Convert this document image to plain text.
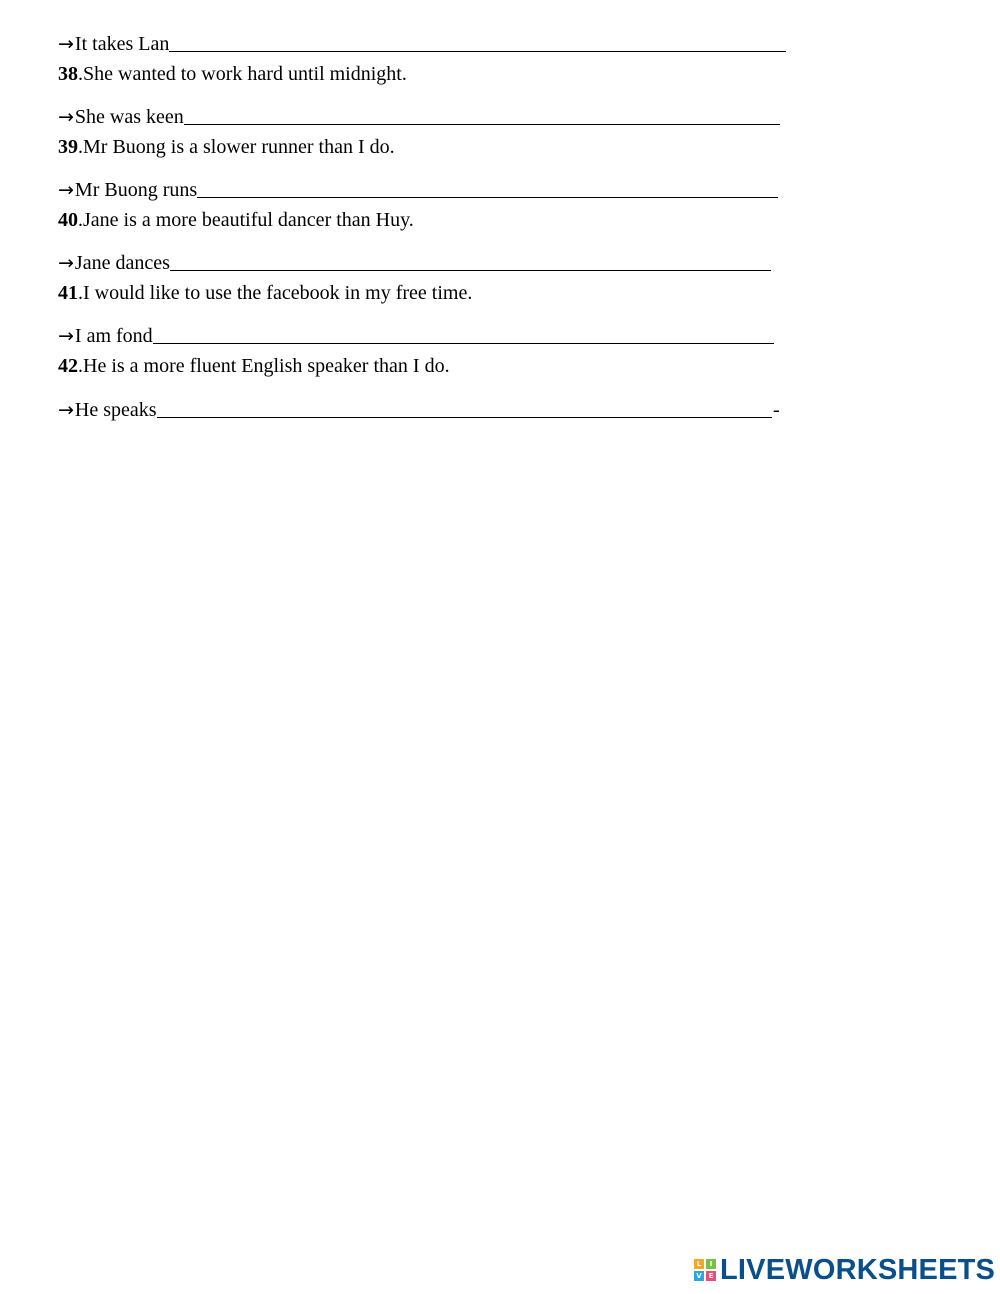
→ It takes Lan
38.She wanted to work hard until midnight.
→ She was keen
39.Mr Buong is a slower runner than I do.
→ Mr Buong runs
40.Jane is a more beautiful dancer than Huy.
→ Jane dances
41.I would like to use the facebook in my free time.
→ I am fond
42.He is a more fluent English speaker than I do.
→ He speaks	-
L	I
V E LIVEWORKSHEETS
